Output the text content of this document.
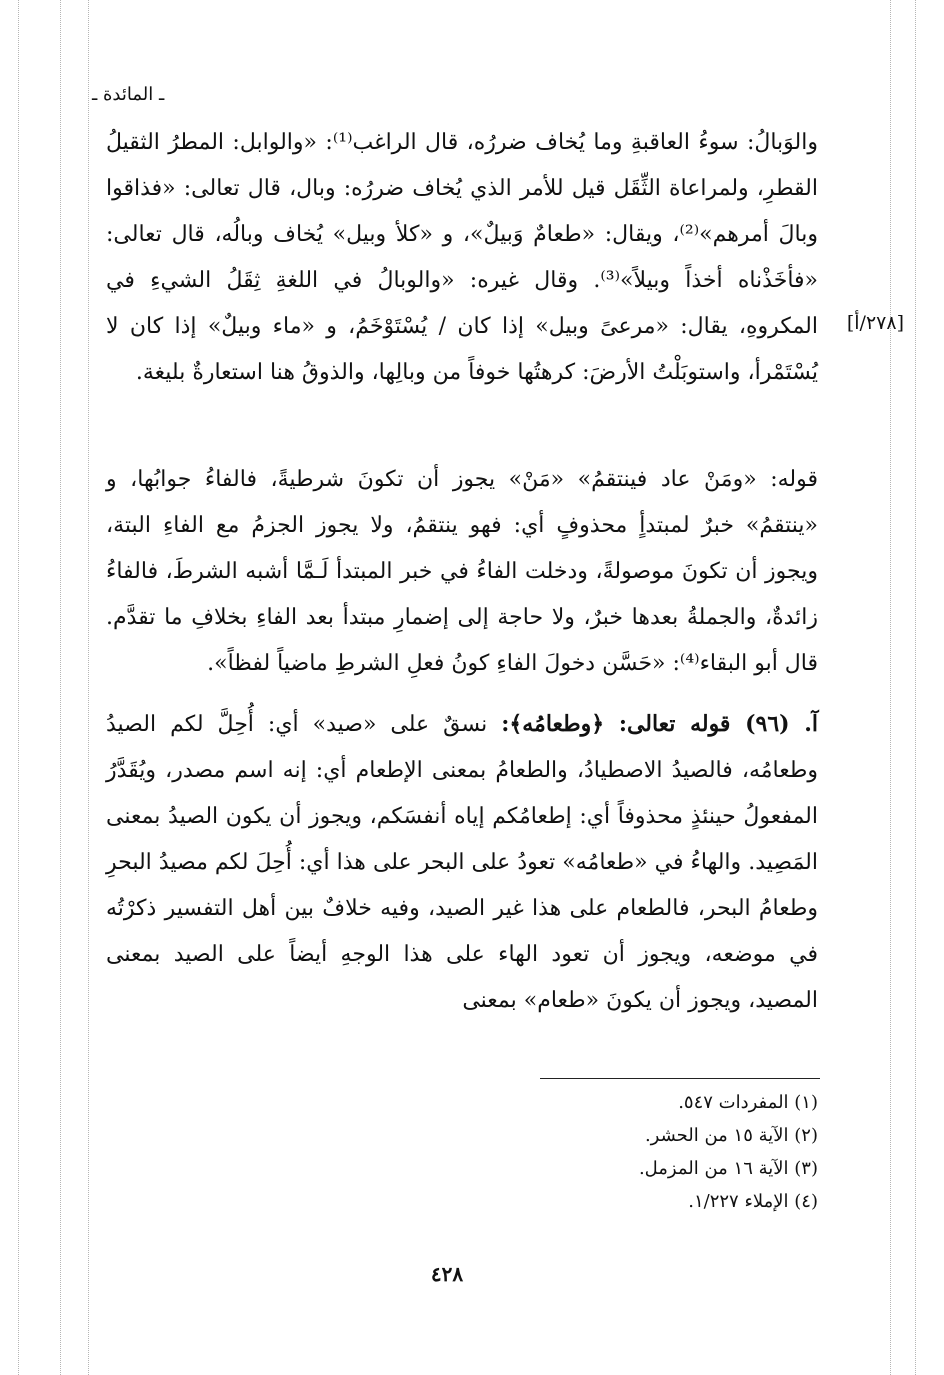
ـ المائدة ـ
[٢٧٨/أ]

والوَبالُ: سوءُ العاقبةِ وما يُخاف ضررُه، قال الراغب⁽¹⁾: «والوابل: المطرُ الثقيلُ القطرِ، ولمراعاة الثِّقَل قيل للأمر الذي يُخاف ضررُه: وبال، قال تعالى: «فذاقوا وبالَ أمرهم»⁽²⁾، ويقال: «طعامٌ وَبيلٌ»، و «كلأ وبيل» يُخاف وبالُه، قال تعالى: «فأخَذْناه أخذاً وبيلاً»⁽³⁾. وقال غيره: «والوبالُ في اللغةِ ثِقَلُ الشيءِ في المكروهِ، يقال: «مرعىً وبيل» إذا كان / يُسْتَوْخَمُ، و «ماء وبيلٌ» إذا كان لا يُسْتَمْرأ، واستوبَلْتُ الأرضَ: كرهتُها خوفاً من وبالِها، والذوقُ هنا استعارةٌ بليغة.

قوله: «ومَنْ عاد فينتقمُ» «مَنْ» يجوز أن تكونَ شرطيةً، فالفاءُ جوابُها، و «ينتقمُ» خبرٌ لمبتدأٍ محذوفٍ أي: فهو ينتقمُ، ولا يجوز الجزمُ مع الفاءِ البتة، ويجوز أن تكونَ موصولةً، ودخلت الفاءُ في خبر المبتدأ لَـمَّا أشبه الشرطَ، فالفاءُ زائدةٌ، والجملةُ بعدها خبرٌ، ولا حاجة إلى إضمارِ مبتدأ بعد الفاءِ بخلافِ ما تقدَّم. قال أبو البقاء⁽⁴⁾: «حَسَّن دخولَ الفاءِ كونُ فعلِ الشرطِ ماضياً لفظاً».

آ. (٩٦) قوله تعالى: ﴿وطعامُه﴾: نسقٌ على «صيد» أي: أُحِلَّ لكم الصيدُ وطعامُه، فالصيدُ الاصطيادُ، والطعامُ بمعنى الإطعام أي: إنه اسم مصدر، ويُقَدَّرُ المفعولُ حينئذٍ محذوفاً أي: إطعامُكم إياه أنفسَكم، ويجوز أن يكون الصيدُ بمعنى المَصِيد. والهاءُ في «طعامُه» تعودُ على البحر على هذا أي: أُحِلَ لكم مصيدُ البحرِ وطعامُ البحر، فالطعام على هذا غير الصيد، وفيه خلافٌ بين أهل التفسير ذكرْتُه في موضعه، ويجوز أن تعود الهاء على هذا الوجهِ أيضاً على الصيد بمعنى المصيد، ويجوز أن يكونَ «طعام» بمعنى

(١) المفردات ٥٤٧.
(٢) الآية ١٥ من الحشر.
(٣) الآية ١٦ من المزمل.
(٤) الإملاء ١/٢٢٧.
٤٢٨
